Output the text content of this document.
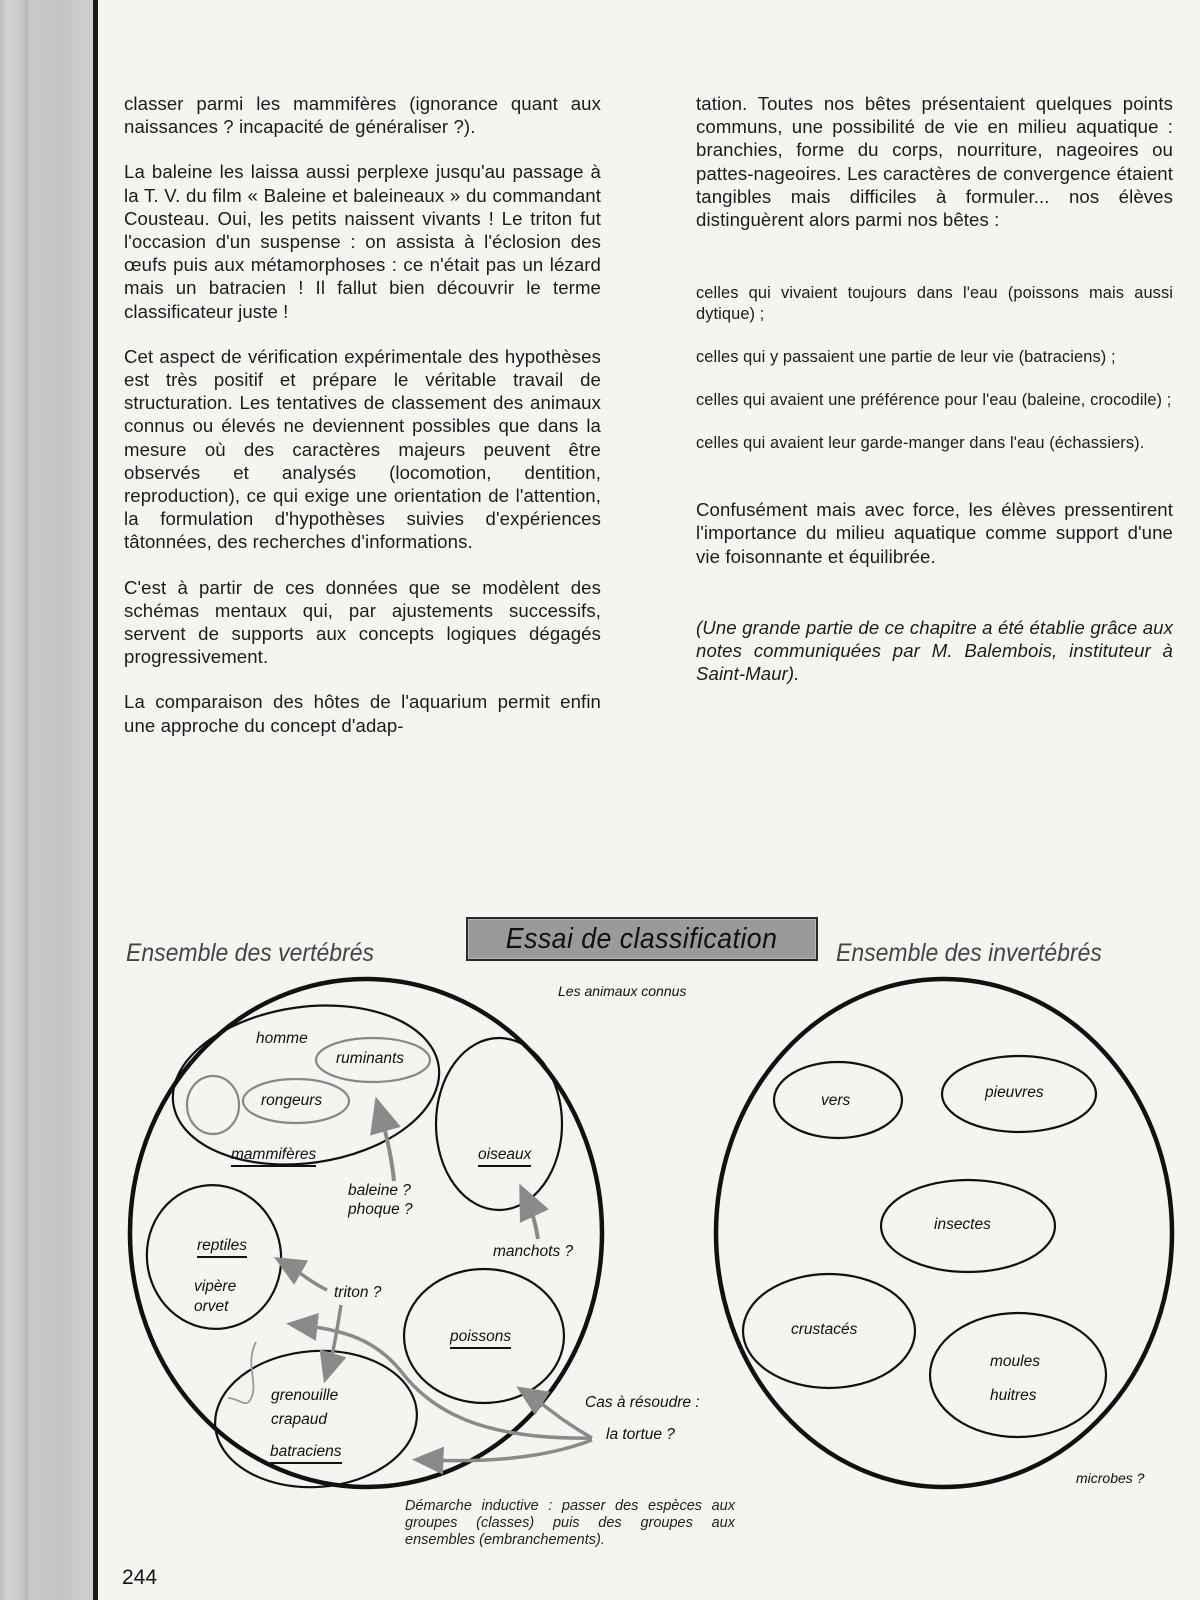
classer parmi les mammifères (ignorance quant aux naissances ? incapacité de généraliser ?).

La baleine les laissa aussi perplexe jusqu'au passage à la T. V. du film « Baleine et baleineaux » du commandant Cousteau. Oui, les petits naissent vivants ! Le triton fut l'occasion d'un suspense : on assista à l'éclosion des œufs puis aux métamorphoses : ce n'était pas un lézard mais un batracien ! Il fallut bien découvrir le terme classificateur juste !

Cet aspect de vérification expérimentale des hypothèses est très positif et prépare le véritable travail de structuration. Les tentatives de classement des animaux connus ou élevés ne deviennent possibles que dans la mesure où des caractères majeurs peuvent être observés et analysés (locomotion, dentition, reproduction), ce qui exige une orientation de l'attention, la formulation d'hypothèses suivies d'expériences tâtonnées, des recherches d'informations.

C'est à partir de ces données que se modèlent des schémas mentaux qui, par ajustements successifs, servent de supports aux concepts logiques dégagés progressivement.

La comparaison des hôtes de l'aquarium permit enfin une approche du concept d'adap-

tation. Toutes nos bêtes présentaient quelques points communs, une possibilité de vie en milieu aquatique : branchies, forme du corps, nourriture, nageoires ou pattes-nageoires. Les caractères de convergence étaient tangibles mais difficiles à formuler... nos élèves distinguèrent alors parmi nos bêtes :

celles qui vivaient toujours dans l'eau (poissons mais aussi dytique) ;

celles qui y passaient une partie de leur vie (batraciens) ;

celles qui avaient une préférence pour l'eau (baleine, crocodile) ;

celles qui avaient leur garde-manger dans l'eau (échassiers).

Confusément mais avec force, les élèves pressentirent l'importance du milieu aquatique comme support d'une vie foisonnante et équilibrée.

(Une grande partie de ce chapitre a été établie grâce aux notes communiquées par M. Balembois, instituteur à Saint-Maur).

Ensemble des vertébrés	Essai de classification Ensemble des invertébrés
Les animaux connus
homme
ruminants
rongeurs
mammifères	oiseaux
baleine ?
phoque ?
reptiles	manchots ?
vipère
orvet
triton ?
poissons
grenouille
crapaud
batraciens
Cas à résoudre :
la tortue ?
vers	pieuvres
insectes
crustacés
moules
huitres
microbes ?
Démarche inductive : passer des espèces aux groupes (classes) puis des groupes aux ensembles (embranchements).
244
